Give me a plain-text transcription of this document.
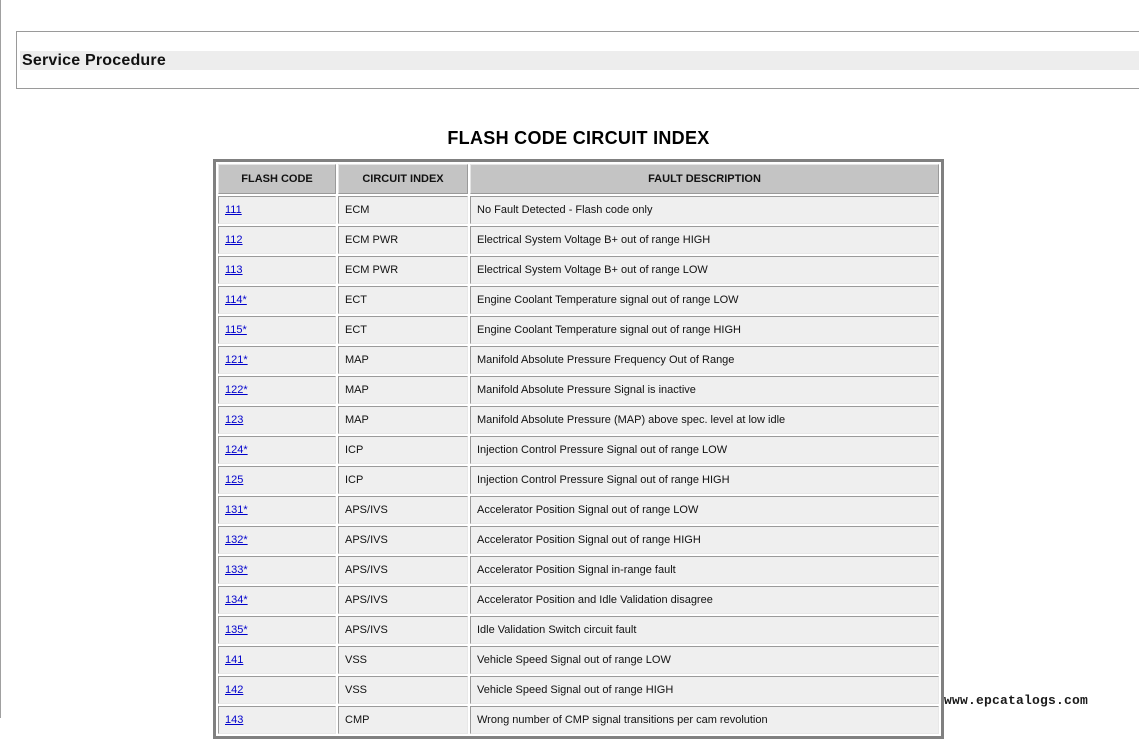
Service Procedure
FLASH CODE CIRCUIT INDEX
FLASH CODE	CIRCUIT INDEX	FAULT DESCRIPTION
111	ECM	No Fault Detected - Flash code only
112	ECM PWR	Electrical System Voltage B+ out of range HIGH
113	ECM PWR	Electrical System Voltage B+ out of range LOW
114*	ECT	Engine Coolant Temperature signal out of range LOW
115*	ECT	Engine Coolant Temperature signal out of range HIGH
121*	MAP	Manifold Absolute Pressure Frequency Out of Range
122*	MAP	Manifold Absolute Pressure Signal is inactive
123	MAP	Manifold Absolute Pressure (MAP) above spec. level at low idle
124*	ICP	Injection Control Pressure Signal out of range LOW
125	ICP	Injection Control Pressure Signal out of range HIGH
131*	APS/IVS	Accelerator Position Signal out of range LOW
132*	APS/IVS	Accelerator Position Signal out of range HIGH
133*	APS/IVS	Accelerator Position Signal in-range fault
134*	APS/IVS	Accelerator Position and Idle Validation disagree
135*	APS/IVS	Idle Validation Switch circuit fault
141	VSS	Vehicle Speed Signal out of range LOW
142	VSS	Vehicle Speed Signal out of range HIGH
143	CMP	Wrong number of CMP signal transitions per cam revolution
www.epcatalogs.com
